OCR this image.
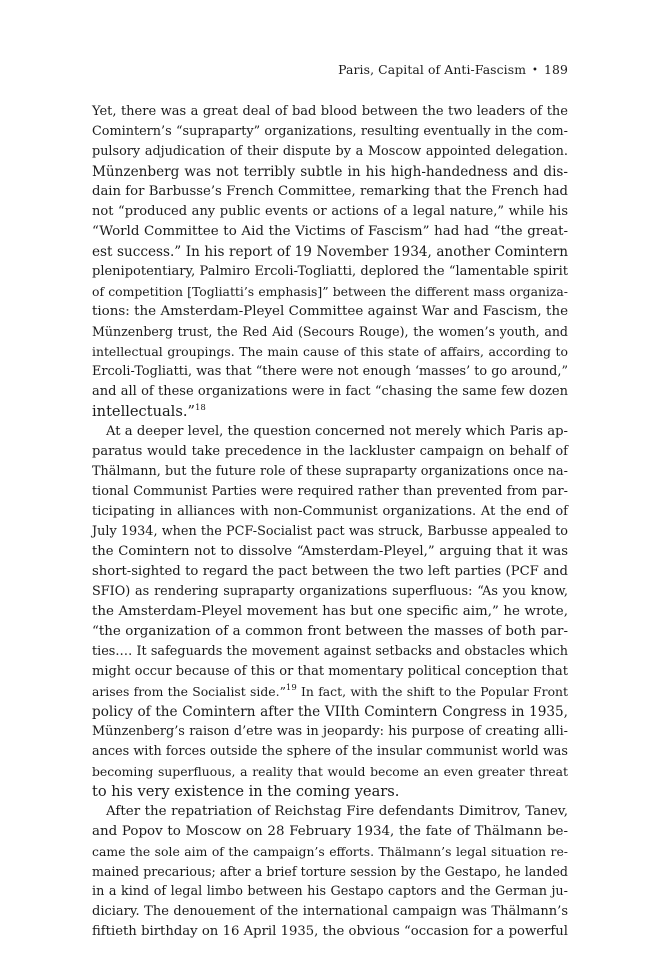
Paris, Capital of Anti-Fascism • 189
Yet, there was a great deal of bad blood between the two leaders of the
Comintern’s “supraparty” organizations, resulting eventually in the com-
pulsory adjudication of their dispute by a Moscow appointed delegation.
Münzenberg was not terribly subtle in his high-handedness and dis-
dain for Barbusse’s French Committee, remarking that the French had
not “produced any public events or actions of a legal nature,” while his
“World Committee to Aid the Victims of Fascism” had had “the great-
est success.” In his report of 19 November 1934, another Comintern
plenipotentiary, Palmiro Ercoli-Togliatti, deplored the “lamentable spirit
of competition [Togliatti’s emphasis]” between the different mass organiza-
tions: the Amsterdam-Pleyel Committee against War and Fascism, the
Münzenberg trust, the Red Aid (Secours Rouge), the women’s youth, and
intellectual groupings. The main cause of this state of affairs, according to
Ercoli-Togliatti, was that “there were not enough ‘masses’ to go around,”
and all of these organizations were in fact “chasing the same few dozen
intellectuals.”$^{18}$
At a deeper level, the question concerned not merely which Paris ap-
paratus would take precedence in the lackluster campaign on behalf of
Thälmann, but the future role of these supraparty organizations once na-
tional Communist Parties were required rather than prevented from par-
ticipating in alliances with non-Communist organizations. At the end of
July 1934, when the PCF-Socialist pact was struck, Barbusse appealed to
the Comintern not to dissolve “Amsterdam-Pleyel,” arguing that it was
short-sighted to regard the pact between the two left parties (PCF and
SFIO) as rendering supraparty organizations superfluous: “As you know,
the Amsterdam-Pleyel movement has but one specific aim,” he wrote,
“the organization of a common front between the masses of both par-
ties.… It safeguards the movement against setbacks and obstacles which
might occur because of this or that momentary political conception that
arises from the Socialist side.”$^{19}$ In fact, with the shift to the Popular Front
policy of the Comintern after the VIIth Comintern Congress in 1935,
Münzenberg’s raison d’etre was in jeopardy: his purpose of creating alli-
ances with forces outside the sphere of the insular communist world was
becoming superfluous, a reality that would become an even greater threat
to his very existence in the coming years.
After the repatriation of Reichstag Fire defendants Dimitrov, Tanev,
and Popov to Moscow on 28 February 1934, the fate of Thälmann be-
came the sole aim of the campaign’s efforts. Thälmann’s legal situation re-
mained precarious; after a brief torture session by the Gestapo, he landed
in a kind of legal limbo between his Gestapo captors and the German ju-
diciary. The denouement of the international campaign was Thälmann’s
fiftieth birthday on 16 April 1935, the obvious “occasion for a powerful
